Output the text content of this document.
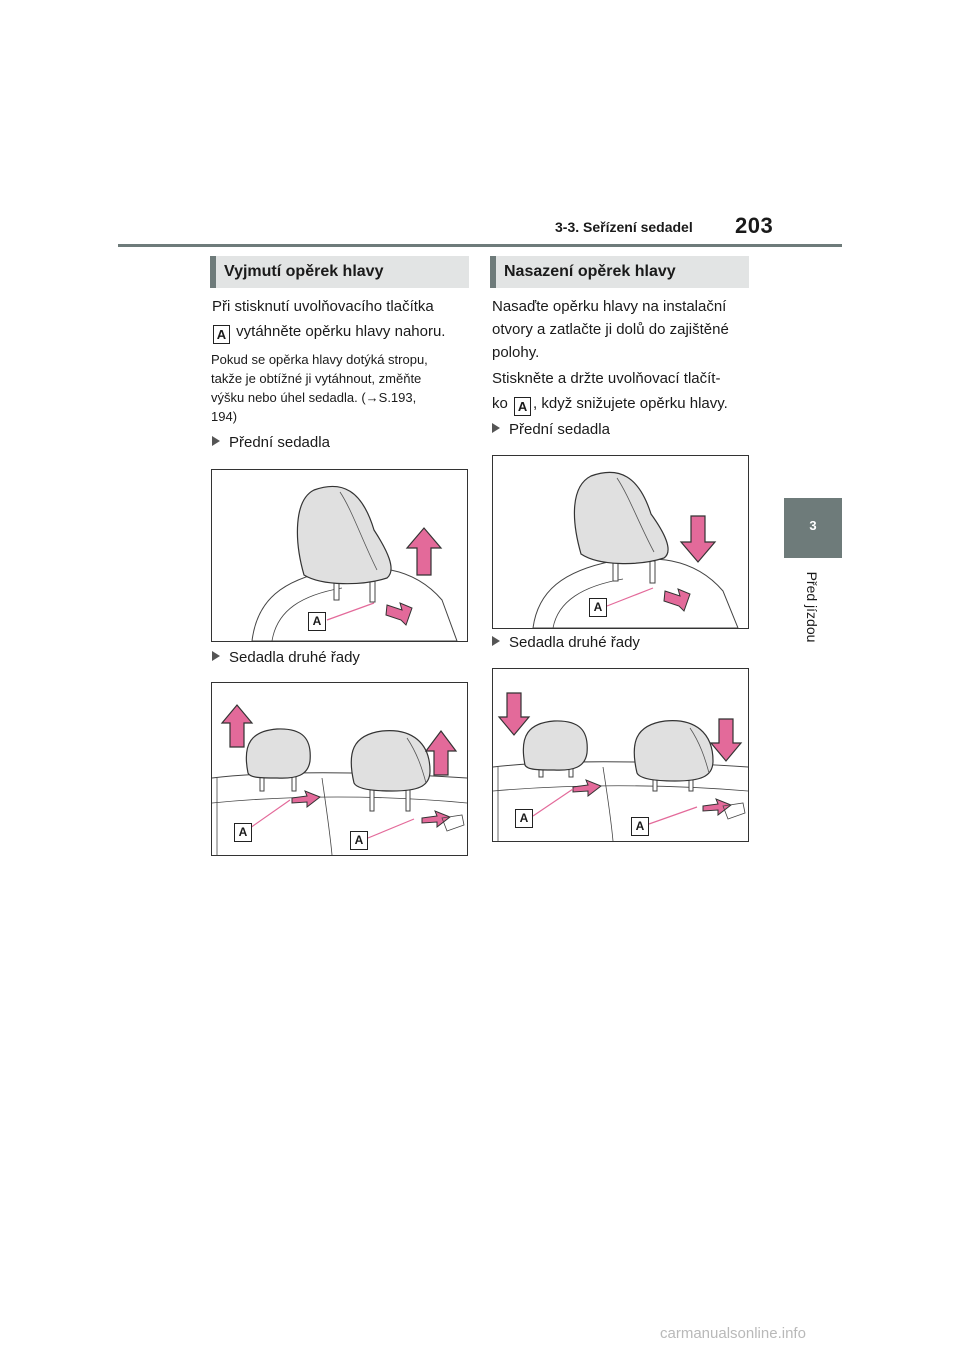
3-3. Seřízení sedadel 203
3
Před jízdou
Vyjmutí opěrek hlavy
Při stisknutí uvolňovacího tlačítka
A vytáhněte opěrku hlavy nahoru.
Pokud se opěrka hlavy dotýká stropu,
takže je obtížné ji vytáhnout, změňte
výšku nebo úhel sedadla. (→S.193,
194)
Přední sedadla
A
Sedadla druhé řady
A
A
Nasazení opěrek hlavy
Nasaďte opěrku hlavy na instalační
otvory a zatlačte ji dolů do zajištěné
polohy.
Stiskněte a držte uvolňovací tlačít-
ko A , když snižujete opěrku hlavy.
Přední sedadla
A
Sedadla druhé řady
A
A
carmanualsonline.info
